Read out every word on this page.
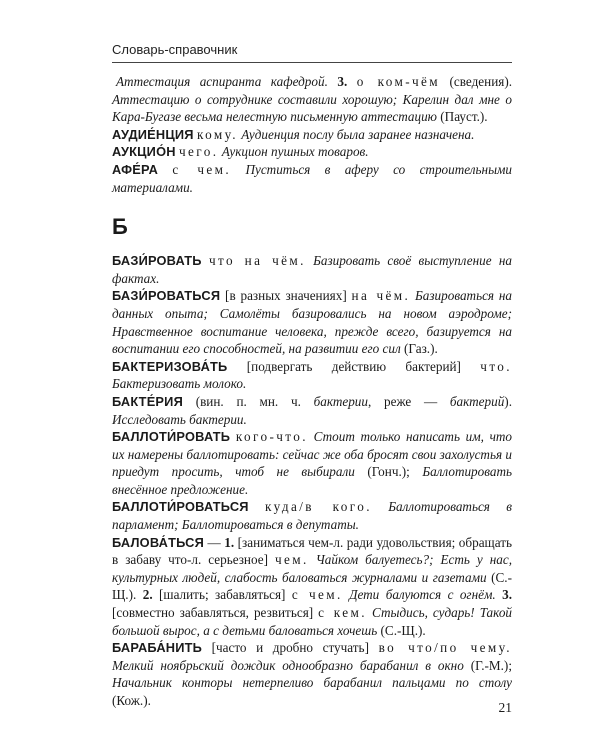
Словарь-справочник

Аттестация аспиранта кафедрой. 3. о ком-чём (сведения). Аттестацию о сотруднике составили хорошую; Карелин дал мне о Кара-Бугазе весьма нелестную письменную аттестацию (Пауст.).

АУДИЕ́НЦИЯ кому. Аудиенция послу была заранее назначена.

АУКЦИО́Н чего. Аукцион пушных товаров.

АФЕ́РА с чем. Пуститься в аферу со строительными материалами.

Б

БАЗИ́РОВАТЬ что на чём. Базировать своё выступление на фактах.

БАЗИ́РОВАТЬСЯ [в разных значениях] на чём. Базироваться на данных опыта; Самолёты базировались на новом аэродроме; Нравственное воспитание человека, прежде всего, базируется на воспитании его способностей, на развитии его сил (Газ.).

БАКТЕРИЗОВА́ТЬ [подвергать действию бактерий] что. Бактеризовать молоко.

БАКТЕ́РИЯ (вин. п. мн. ч. бактерии, реже — бактерий). Исследовать бактерии.

БАЛЛОТИ́РОВАТЬ кого-что. Стоит только написать им, что их намерены баллотировать: сейчас же оба бросят свои захолустья и приедут просить, чтоб не выбирали (Гонч.); Баллотировать внесённое предложение.

БАЛЛОТИ́РОВАТЬСЯ куда/в кого. Баллотироваться в парламент; Баллотироваться в депутаты.

БАЛОВА́ТЬСЯ — 1. [заниматься чем-л. ради удовольствия; обращать в забаву что-л. серьезное] чем. Чайком балуетесь?; Есть у нас, культурных людей, слабость баловаться журналами и газетами (С.-Щ.). 2. [шалить; забавляться] с чем. Дети балуются с огнём. 3. [совместно забавляться, резвиться] с кем. Стыдись, сударь! Такой большой вырос, а с детьми баловаться хочешь (С.-Щ.).

БАРАБА́НИТЬ [часто и дробно стучать] во что/по чему. Мелкий ноябрьский дождик однообразно барабанил в окно (Г.-М.); Начальник конторы нетерпеливо барабанил пальцами по столу (Кож.).	21
